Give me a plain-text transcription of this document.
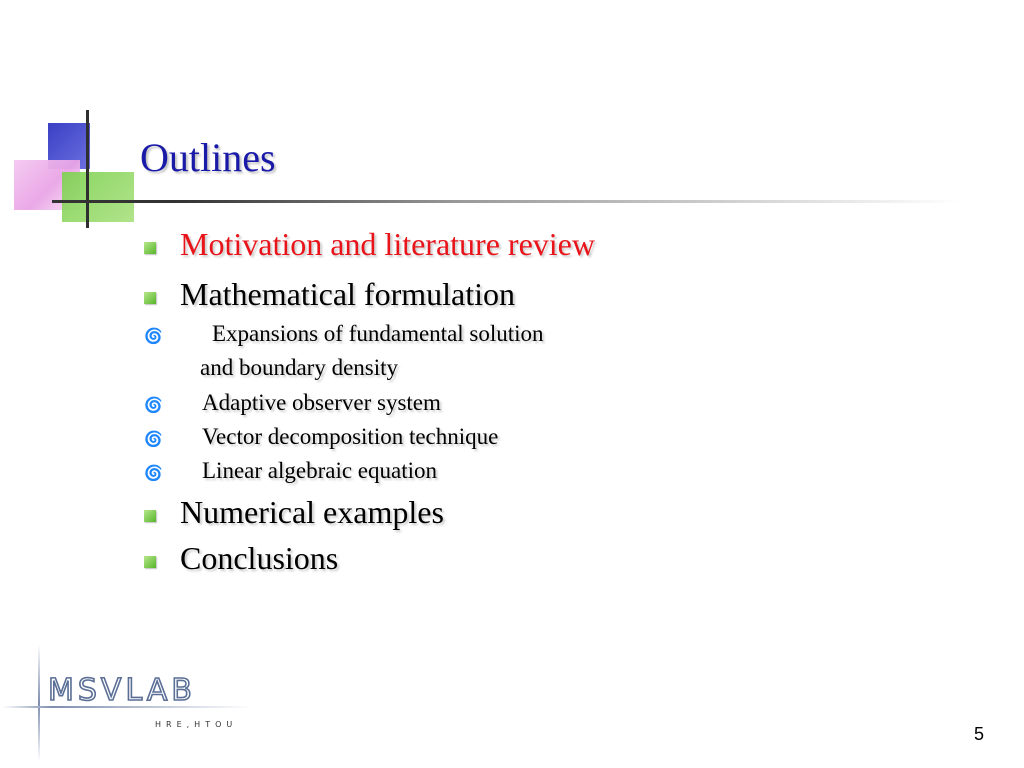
Outlines
Motivation and literature review
Mathematical formulation
🌀 Expansions of fundamental solution
and boundary density
🌀 Adaptive observer system
🌀 Vector decomposition technique
🌀 Linear algebraic equation
Numerical examples
Conclusions
MSVLAB
HRE,HTOU	5
